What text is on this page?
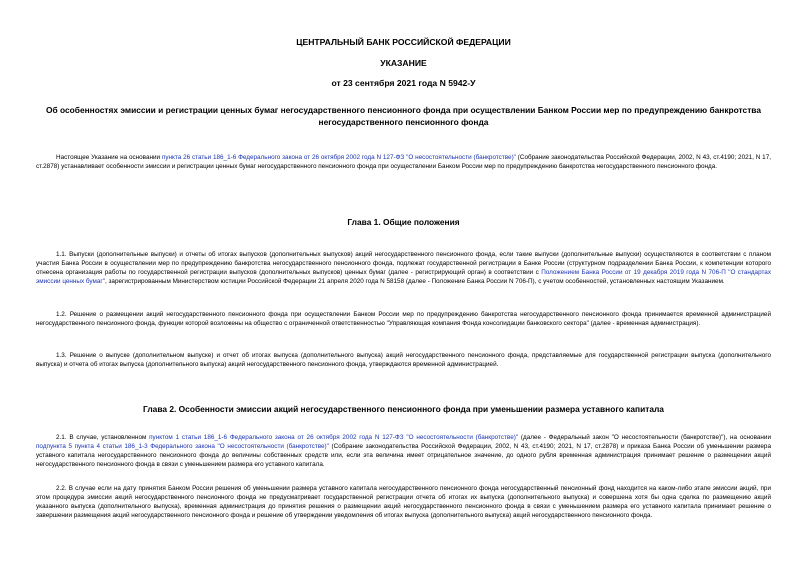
ЦЕНТРАЛЬНЫЙ БАНК РОССИЙСКОЙ ФЕДЕРАЦИИ
УКАЗАНИЕ
от 23 сентября 2021 года N 5942-У
Об особенностях эмиссии и регистрации ценных бумаг негосударственного пенсионного фонда при осуществлении Банком России мер по предупреждению банкротства негосударственного пенсионного фонда
Настоящее Указание на основании пункта 26 статьи 186_1-6 Федерального закона от 26 октября 2002 года N 127-ФЗ "О несостоятельности (банкротстве)" (Собрание законодательства Российской Федерации, 2002, N 43, ст.4190; 2021, N 17, ст.2878) устанавливает особенности эмиссии и регистрации ценных бумаг негосударственного пенсионного фонда при осуществлении Банком России мер по предупреждению банкротства негосударственного пенсионного фонда.
Глава 1. Общие положения
1.1. Выпуски (дополнительные выпуски) и отчеты об итогах выпусков (дополнительных выпусков) акций негосударственного пенсионного фонда, если такие выпуски (дополнительные выпуски) осуществляются в соответствии с планом участия Банка России в осуществлении мер по предупреждению банкротства негосударственного пенсионного фонда, подлежат государственной регистрации в Банке России (структурном подразделении Банка России, к компетенции которого отнесена организация работы по государственной регистрации выпусков (дополнительных выпусков) ценных бумаг (далее - регистрирующий орган) в соответствии с Положением Банка России от 19 декабря 2019 года N 706-П "О стандартах эмиссии ценных бумаг", зарегистрированным Министерством юстиции Российской Федерации 21 апреля 2020 года N 58158 (далее - Положение Банка России N 706-П), с учетом особенностей, установленных настоящим Указанием.
1.2. Решение о размещении акций негосударственного пенсионного фонда при осуществлении Банком России мер по предупреждению банкротства негосударственного пенсионного фонда принимается временной администрацией негосударственного пенсионного фонда, функции которой возложены на общество с ограниченной ответственностью "Управляющая компания Фонда консолидации банковского сектора" (далее - временная администрация).
1.3. Решение о выпуске (дополнительном выпуске) и отчет об итогах выпуска (дополнительного выпуска) акций негосударственного пенсионного фонда, представляемые для государственной регистрации выпуска (дополнительного выпуска) и отчета об итогах выпуска (дополнительного выпуска) акций негосударственного пенсионного фонда, утверждаются временной администрацией.
Глава 2. Особенности эмиссии акций негосударственного пенсионного фонда при уменьшении размера уставного капитала
2.1. В случае, установленном пунктом 1 статьи 186_1-6 Федерального закона от 26 октября 2002 года N 127-ФЗ "О несостоятельности (банкротстве)" (далее - Федеральный закон "О несостоятельности (банкротстве)"), на основании подпункта 5 пункта 4 статьи 186_1-3 Федерального закона "О несостоятельности (банкротстве)" (Собрание законодательства Российской Федерации, 2002, N 43, ст.4190; 2021, N 17, ст.2878) и приказа Банка России об уменьшении размера уставного капитала негосударственного пенсионного фонда до величины собственных средств или, если эта величина имеет отрицательное значение, до одного рубля временная администрация принимает решение о размещении акций негосударственного пенсионного фонда в связи с уменьшением размера его уставного капитала.
2.2. В случае если на дату принятия Банком России решения об уменьшении размера уставного капитала негосударственного пенсионного фонда негосударственный пенсионный фонд находится на каком-либо этапе эмиссии акций, при этом процедура эмиссии акций негосударственного пенсионного фонда не предусматривает государственной регистрации отчета об итогах их выпуска (дополнительного выпуска) и совершена хотя бы одна сделка по размещению акций указанного выпуска (дополнительного выпуска), временная администрация до принятия решения о размещении акций негосударственного пенсионного фонда в связи с уменьшением размера его уставного капитала принимает решение о завершении размещения акций негосударственного пенсионного фонда и решение об утверждении уведомления об итогах выпуска (дополнительного выпуска) акций негосударственного пенсионного фонда.
